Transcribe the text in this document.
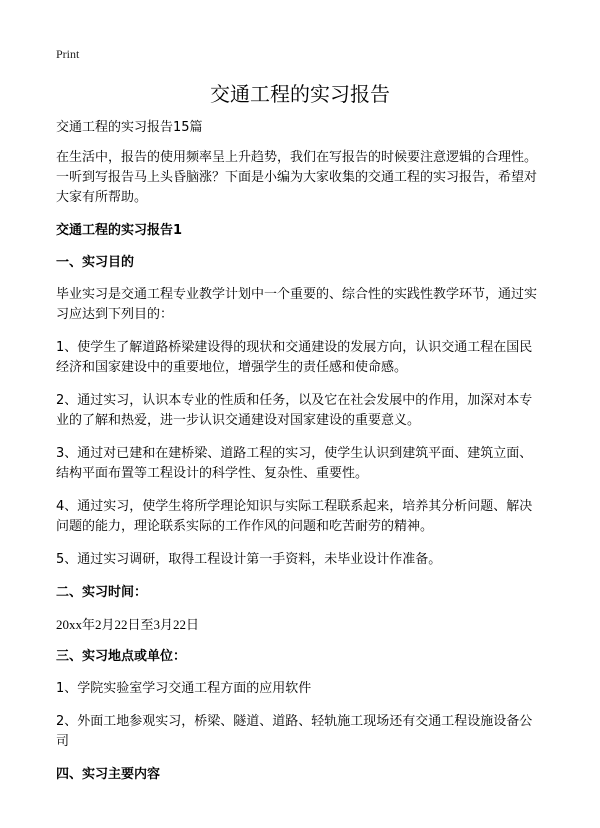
Print
交通工程的实习报告

交通工程的实习报告15篇

在生活中，报告的使用频率呈上升趋势，我们在写报告的时候要注意逻辑的合理性。一听到写报告马上头昏脑涨？下面是小编为大家收集的交通工程的实习报告，希望对大家有所帮助。

交通工程的实习报告1

一、实习目的

毕业实习是交通工程专业教学计划中一个重要的、综合性的实践性教学环节，通过实习应达到下列目的：

1、使学生了解道路桥梁建设得的现状和交通建设的发展方向，认识交通工程在国民经济和国家建设中的重要地位，增强学生的责任感和使命感。

2、通过实习，认识本专业的性质和任务，以及它在社会发展中的作用，加深对本专业的了解和热爱，进一步认识交通建设对国家建设的重要意义。

3、通过对已建和在建桥梁、道路工程的实习，使学生认识到建筑平面、建筑立面、结构平面布置等工程设计的科学性、复杂性、重要性。

4、通过实习，使学生将所学理论知识与实际工程联系起来，培养其分析问题、解决问题的能力，理论联系实际的工作作风的问题和吃苦耐劳的精神。

5、通过实习调研，取得工程设计第一手资料，未毕业设计作准备。

二、实习时间：

20xx年2月22日至3月22日

三、实习地点或单位：

1、学院实验室学习交通工程方面的应用软件

2、外面工地参观实习，桥梁、隧道、道路、轻轨施工现场还有交通工程设施设备公司

四、实习主要内容
